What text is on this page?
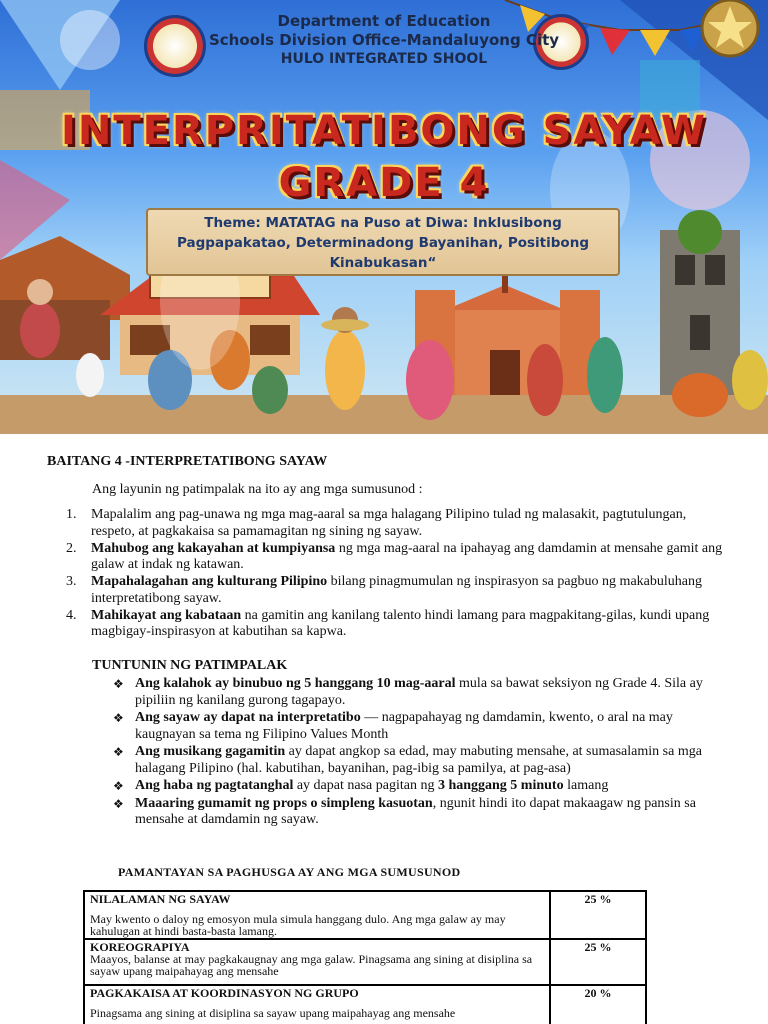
Department of Education
Schools Division Office-Mandaluyong City
HULO INTEGRATED SHOOL
INTERPRITATIBONG SAYAW
GRADE 4
Theme: MATATAG na Puso at Diwa: Inklusibong
Pagpapakatao, Determinadong Bayanihan, Positibong
Kinabukasan“
BAITANG 4 -INTERPRETATIBONG SAYAW
Ang layunin ng patimpalak na ito ay ang mga sumusunod :
1.	Mapalalim ang pag-unawa ng mga mag-aaral sa mga halagang Pilipino tulad ng malasakit, pagtutulungan, respeto, at pagkakaisa sa pamamagitan ng sining ng sayaw.
2.	Mahubog ang kakayahan at kumpiyansa ng mga mag-aaral na ipahayag ang damdamin at mensahe gamit ang galaw at indak ng katawan.
3.	Mapahalagahan ang kulturang Pilipino bilang pinagmumulan ng inspirasyon sa pagbuo ng makabuluhang interpretatibong sayaw.
4.	Mahikayat ang kabataan na gamitin ang kanilang talento hindi lamang para magpakitang-gilas, kundi upang magbigay-inspirasyon at kabutihan sa kapwa.
TUNTUNIN NG PATIMPALAK
❖ Ang kalahok ay binubuo ng 5 hanggang 10 mag-aaral mula sa bawat seksiyon ng Grade 4. Sila ay pipiliin ng kanilang gurong tagapayo.
❖ Ang sayaw ay dapat na interpretatibo — nagpapahayag ng damdamin, kwento, o aral na may kaugnayan sa tema ng Filipino Values Month
❖ Ang musikang gagamitin ay dapat angkop sa edad, may mabuting mensahe, at sumasalamin sa mga halagang Pilipino (hal. kabutihan, bayanihan, pag-ibig sa pamilya, at pag-asa)
❖ Ang haba ng pagtatanghal ay dapat nasa pagitan ng 3 hanggang 5 minuto lamang
❖ Maaaring gumamit ng props o simpleng kasuotan, ngunit hindi ito dapat makaagaw ng pansin sa mensahe at damdamin ng sayaw.
PAMANTAYAN SA PAGHUSGA AY ANG MGA SUMUSUNOD
NILALAMAN NG SAYAW
May kwento o daloy ng emosyon mula simula hanggang dulo. Ang mga galaw ay may kahulugan at hindi basta-basta lamang.	25 %

KOREOGRAPIYA
Maayos, balanse at may pagkakaugnay ang mga galaw. Pinagsama ang sining at disiplina sa sayaw upang maipahayag ang mensahe	25 %

PAGKAKAISA AT KOORDINASYON NG GRUPO
Pinagsama ang sining at disiplina sa sayaw upang maipahayag ang mensahe	20 %
